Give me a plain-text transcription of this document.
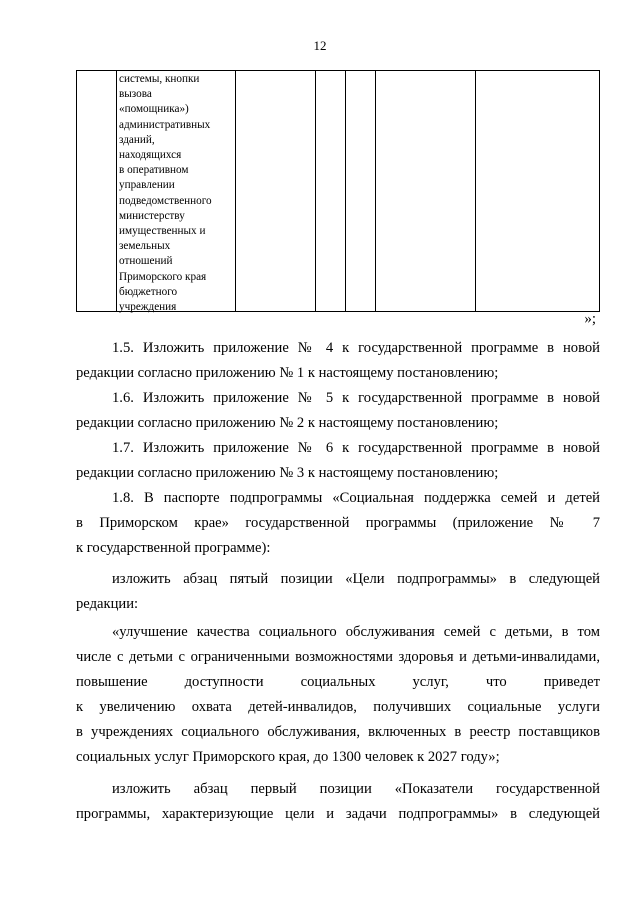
12
системы, кнопки
вызова
«помощника»)
административных
зданий,
находящихся
в оперативном
управлении
подведомственного
министерству
имущественных и
земельных
отношений
Приморского края
бюджетного
учреждения
»;
1.5. Изложить приложение № 4 к государственной программе в новой
редакции согласно приложению № 1 к настоящему постановлению;
1.6. Изложить приложение № 5 к государственной программе в новой
редакции согласно приложению № 2 к настоящему постановлению;
1.7. Изложить приложение № 6 к государственной программе в новой
редакции согласно приложению № 3 к настоящему постановлению;
1.8. В паспорте подпрограммы «Социальная поддержка семей и детей
в Приморском крае» государственной программы (приложение № 7
к государственной программе):
изложить абзац пятый позиции «Цели подпрограммы» в следующей
редакции:
«улучшение качества социального обслуживания семей с детьми, в том
числе с детьми с ограниченными возможностями здоровья и детьми-инвалидами,
повышение доступности социальных услуг, что приведет
к увеличению охвата детей-инвалидов, получивших социальные услуги
в учреждениях социального обслуживания, включенных в реестр поставщиков
социальных услуг Приморского края, до 1300 человек к 2027 году»;
изложить абзац первый позиции «Показатели государственной
программы, характеризующие цели и задачи подпрограммы» в следующей
